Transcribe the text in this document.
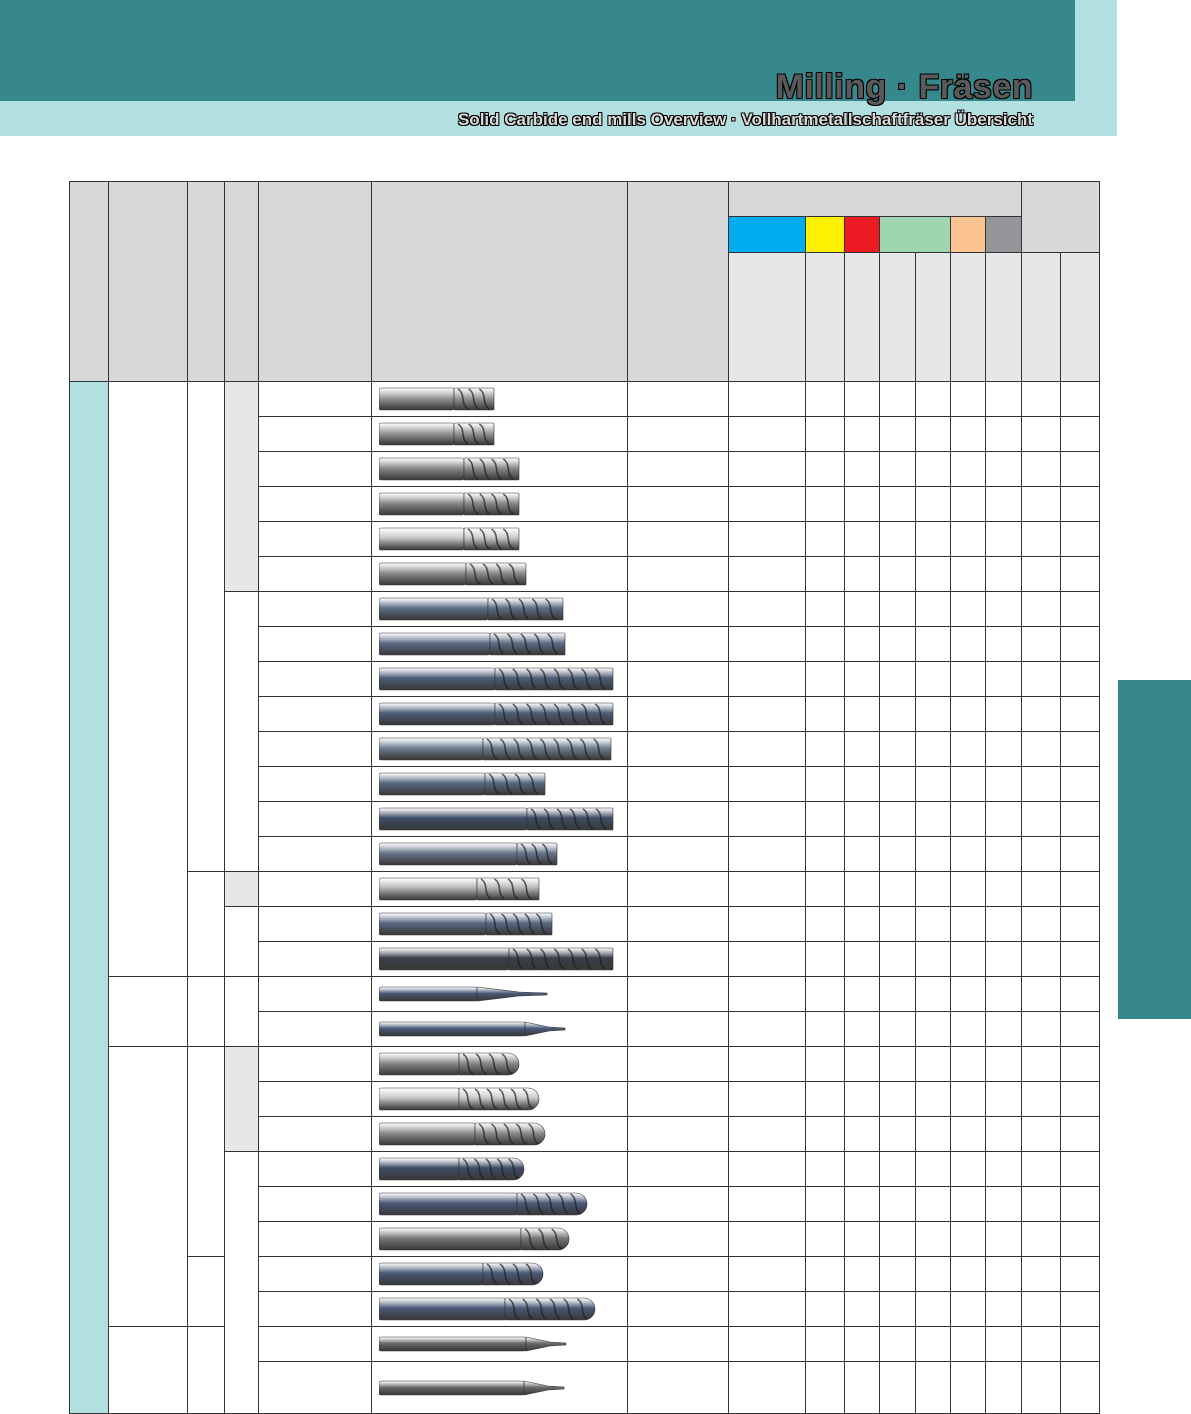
Milling · Fräsen
Solid Carbide end mills Overview · Vollhartmetallschaftfräser Übersicht
